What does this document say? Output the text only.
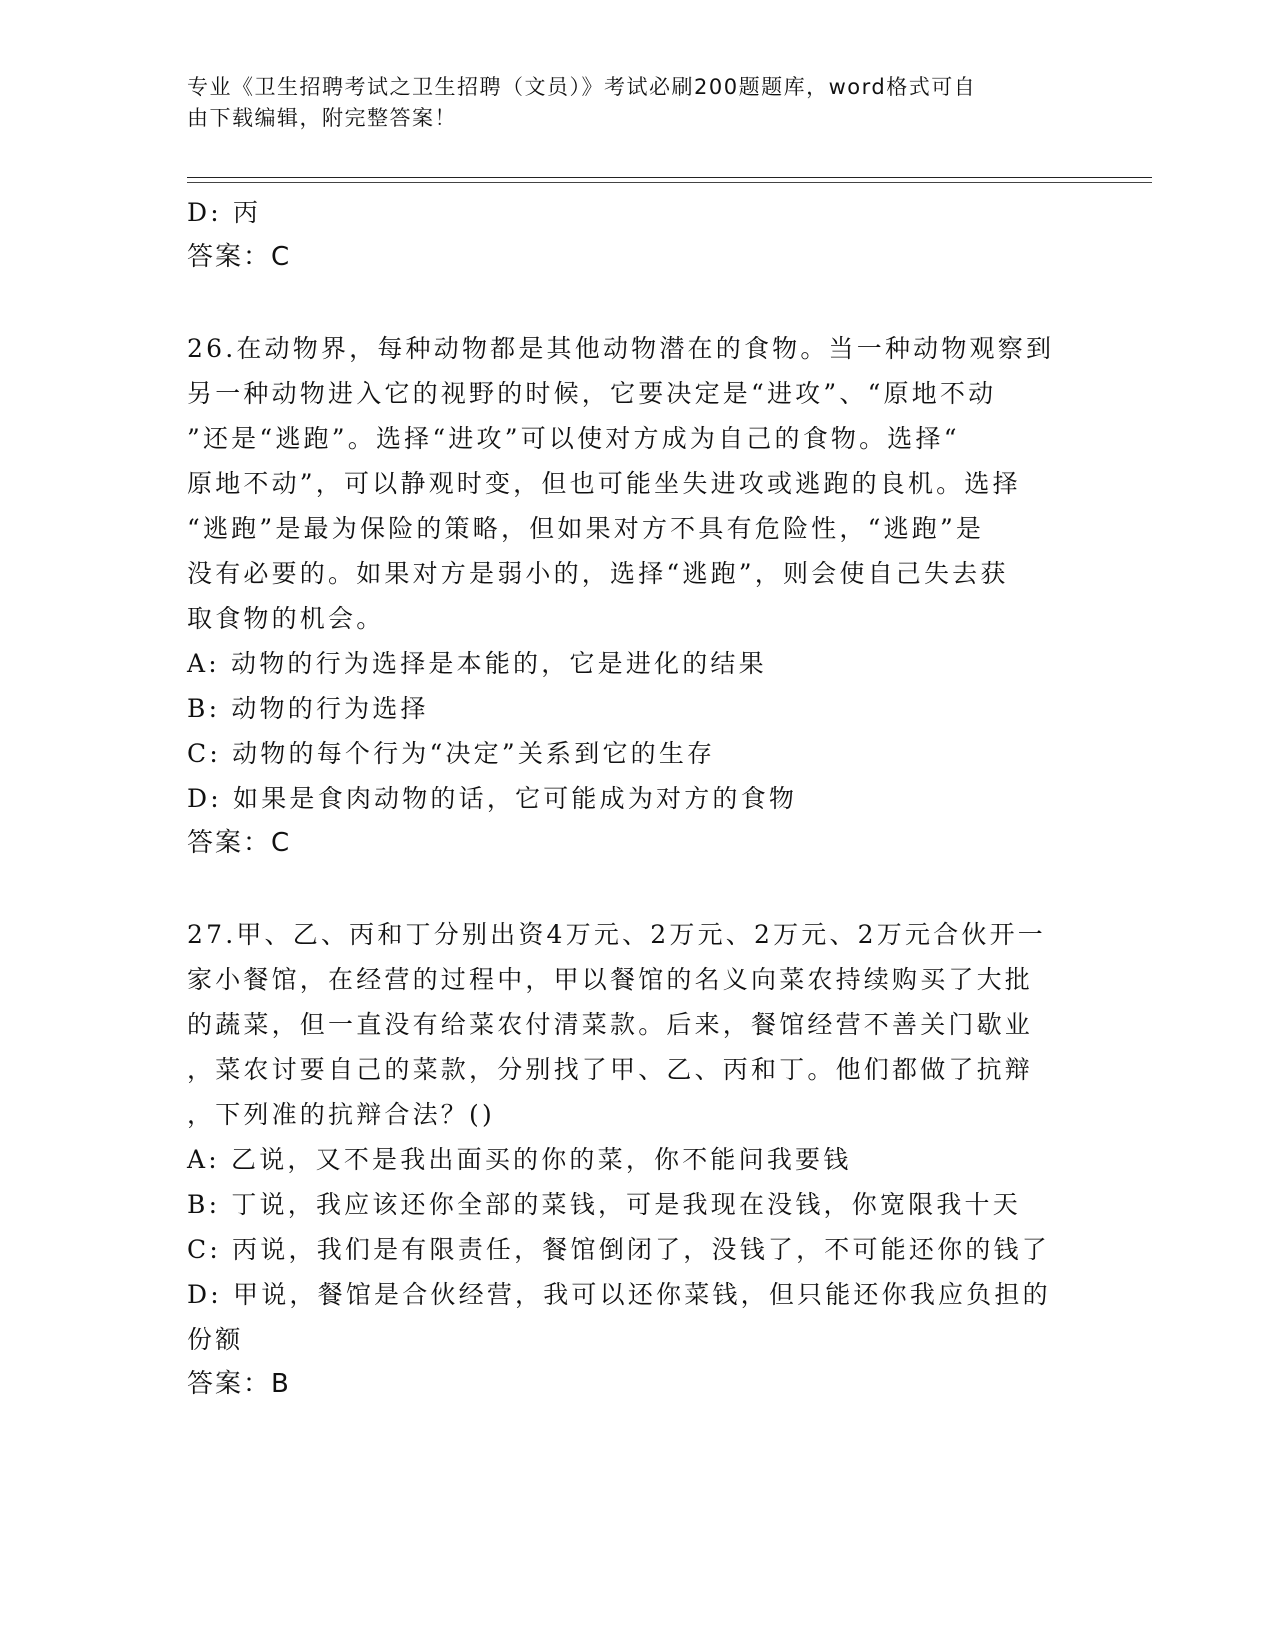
专业《卫生招聘考试之卫生招聘（文员）》考试必刷200题题库，word格式可自
由下载编辑，附完整答案！

D: 丙

答案：C

26.在动物界，每种动物都是其他动物潜在的食物。当一种动物观察到

另一种动物进入它的视野的时候，它要决定是“进攻”、“原地不动

”还是“逃跑”。选择“进攻”可以使对方成为自己的食物。选择“

原地不动”，可以静观时变，但也可能坐失进攻或逃跑的良机。选择

“逃跑”是最为保险的策略，但如果对方不具有危险性，“逃跑”是

没有必要的。如果对方是弱小的，选择“逃跑”，则会使自己失去获

取食物的机会。

A: 动物的行为选择是本能的，它是进化的结果

B: 动物的行为选择

C: 动物的每个行为“决定”关系到它的生存

D: 如果是食肉动物的话，它可能成为对方的食物

答案：C

27.甲、乙、丙和丁分别出资4万元、2万元、2万元、2万元合伙开一

家小餐馆，在经营的过程中，甲以餐馆的名义向菜农持续购买了大批

的蔬菜，但一直没有给菜农付清菜款。后来，餐馆经营不善关门歇业

，菜农讨要自己的菜款，分别找了甲、乙、丙和丁。他们都做了抗辩

，下列准的抗辩合法？()

A: 乙说，又不是我出面买的你的菜，你不能问我要钱

B: 丁说，我应该还你全部的菜钱，可是我现在没钱，你宽限我十天

C: 丙说，我们是有限责任，餐馆倒闭了，没钱了，不可能还你的钱了

D: 甲说，餐馆是合伙经营，我可以还你菜钱，但只能还你我应负担的

份额

答案：B
